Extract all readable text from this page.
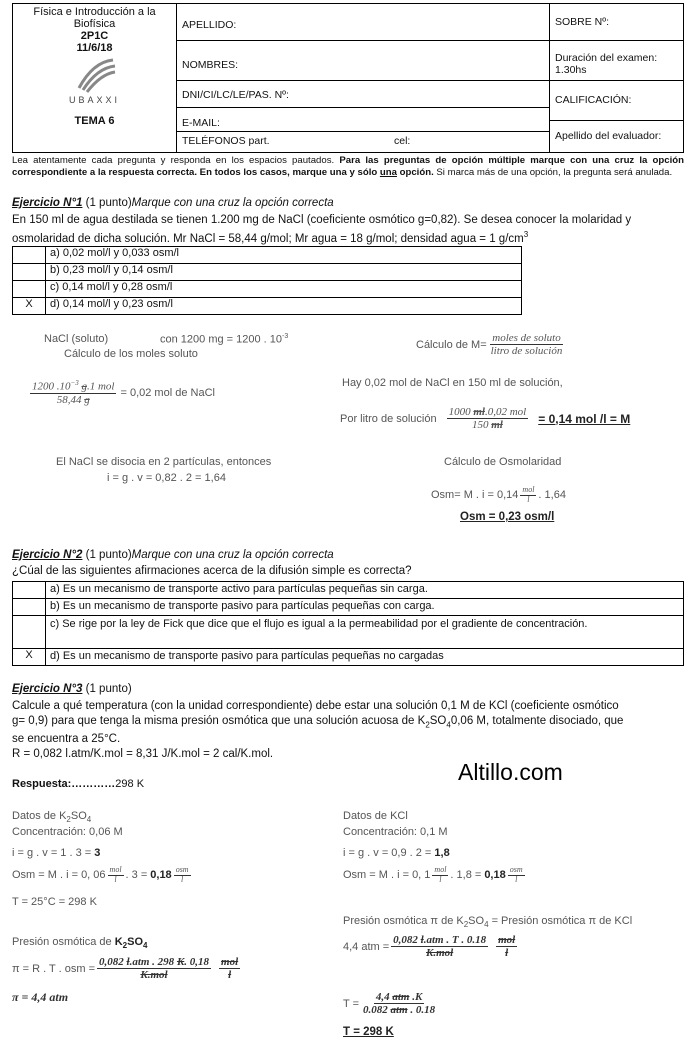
Física e Introducción a la Biofísica
2P1C
11/6/18
UBAXXI
TEMA 6
APELLIDO:
NOMBRES:
DNI/CI/LC/LE/PAS. Nº:
E-MAIL:
TELÉFONOS part.	cel:
SOBRE Nº:
Duración del examen: 1.30hs
CALIFICACIÓN:
Apellido del evaluador:
Lea atentamente cada pregunta y responda en los espacios pautados. Para las preguntas de opción múltiple marque con una cruz la opción correspondiente a la respuesta correcta. En todos los casos, marque una y sólo una opción. Si marca más de una opción, la pregunta será anulada.
Ejercicio N°1 (1 punto)Marque con una cruz la opción correcta
En 150 ml de agua destilada se tienen 1.200 mg de NaCl (coeficiente osmótico g=0,82). Se desea conocer la molaridad y
osmolaridad de dicha solución. Mr NaCl = 58,44 g/mol; Mr agua = 18 g/mol; densidad agua = 1 $g/cm^3$
a) 0,02 mol/l y 0,033 osm/l
b) 0,23 mol/l y 0,14 osm/l
c) 0,14 mol/l y 0,28 osm/l
X	d) 0,14 mol/l y 0,23 osm/l
NaCl (soluto)	con 1200 mg = 1200 . $10^{-3}$
Cálculo de los moles soluto
Cálculo de $M= \frac{\text{moles de soluto}}{\text{litro de solución}}$
$\frac{1200 .10^{-3} g.1 mol}{58,44 g} = 0,02$ mol de NaCl
Hay 0,02 mol de NaCl en 150 ml de solución,
Por litro de solución $\frac{\text{1000 ml.0,02 mol}}{150 ml} = 0,14$ mol /l = M
El NaCl se disocia en 2 partículas, entonces
i = g . v = 0,82 . 2 = 1,64
Cálculo de Osmolaridad
Osm= M . $i = 0,14 \frac{\text{mol}}{l}$ . 1,64
Osm = 0,23 osm/l
Ejercicio N°2 (1 punto)Marque con una cruz la opción correcta
¿Cúal de las siguientes afirmaciones acerca de la difusión simple es correcta?
a) Es un mecanismo de transporte activo para partículas pequeñas sin carga.
b) Es un mecanismo de transporte pasivo para partículas pequeñas con carga.
c) Se rige por la ley de Fick que dice que el flujo es igual a la permeabilidad por el gradiente de concentración.
X	d) Es un mecanismo de transporte pasivo para partículas pequeñas no cargadas
Ejercicio N°3 (1 punto)
Calcule a qué temperatura (con la unidad correspondiente) debe estar una solución 0,1 M de KCl (coeficiente osmótico
g= 0,9) para que tenga la misma presión osmótica que una solución acuosa de $K_2SO_40,06$ M, totalmente disociado, que
se encuentra a 25°C.
R = 0,082 l.atm/K.mol = 8,31 J/K.mol = 2 cal/K.mol.
Respuesta:…………298 K	Altillo.com
Datos de $K_2SO_4$
Concentración: 0,06 M
i = g . v = 1 . 3 = 3
Osm = M . i = 0, $06 \frac{\text{mol}}{l}$ . $3 = 0,18 \frac{\text{osm}}{l}$
T = 25°C = 298 K
Presión osmótica de $K_2SO_4$
π = R . T . osm = $\frac{\text{0,082 l.atm . 298 K. 0,18}}{\text{K.mol}} \frac{\text{mol}}{l}$
π = 4,4 atm
Datos de KCl
Concentración: 0,1 M
i = g . v = 0,9 . 2 = 1,8
Osm = M . i = 0, $1 \frac{\text{mol}}{l}$ . $1,8 = 0,18 \frac{\text{osm}}{l}$
Presión osmótica π de $K_2SO_4$ = Presión osmótica π de KCl
4,4 atm = $\frac{\text{0,082 l.atm . T . 0.18}}{\text{K.mol}} \frac{\text{mol}}{l}$
$T = \frac{\text{4,4 atm .K}}{\text{0.082 atm . 0.18}}$
T = 298 K
